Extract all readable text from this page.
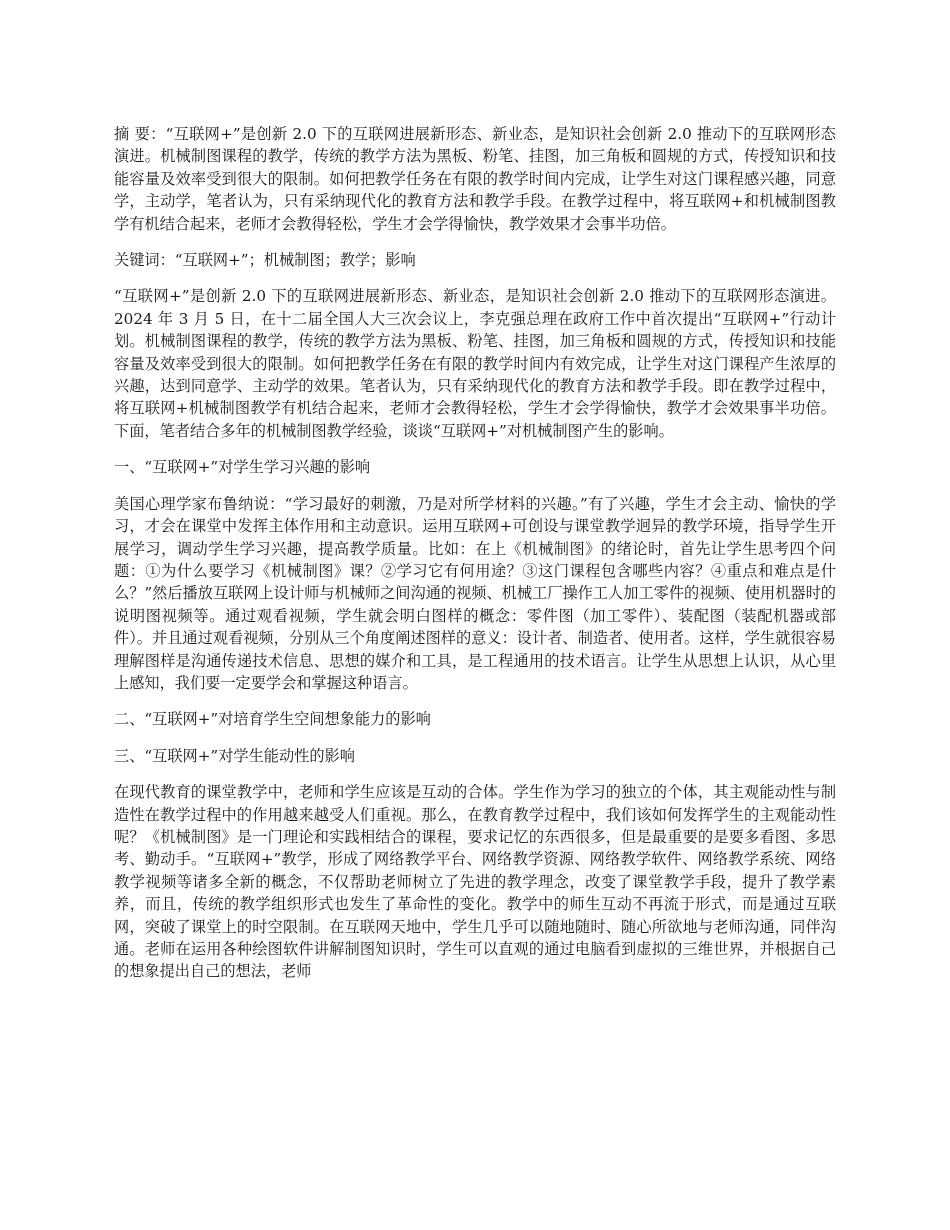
摘 要：“互联网+”是创新 2.0 下的互联网进展新形态、新业态，是知识社会创新 2.0 推动下的互联网形态演进。机械制图课程的教学，传统的教学方法为黑板、粉笔、挂图，加三角板和圆规的方式，传授知识和技能容量及效率受到很大的限制。如何把教学任务在有限的教学时间内完成，让学生对这门课程感兴趣，同意学，主动学，笔者认为，只有采纳现代化的教育方法和教学手段。在教学过程中，将互联网+和机械制图教学有机结合起来，老师才会教得轻松，学生才会学得愉快，教学效果才会事半功倍。

关键词：“互联网+”；机械制图；教学；影响

“互联网+”是创新 2.0 下的互联网进展新形态、新业态，是知识社会创新 2.0 推动下的互联网形态演进。2024 年 3 月 5 日，在十二届全国人大三次会议上，李克强总理在政府工作中首次提出“互联网+”行动计划。机械制图课程的教学，传统的教学方法为黑板、粉笔、挂图，加三角板和圆规的方式，传授知识和技能容量及效率受到很大的限制。如何把教学任务在有限的教学时间内有效完成，让学生对这门课程产生浓厚的兴趣，达到同意学、主动学的效果。笔者认为，只有采纳现代化的教育方法和教学手段。即在教学过程中，将互联网+机械制图教学有机结合起来，老师才会教得轻松，学生才会学得愉快，教学才会效果事半功倍。下面，笔者结合多年的机械制图教学经验，谈谈“互联网+”对机械制图产生的影响。

一、“互联网+”对学生学习兴趣的影响

美国心理学家布鲁纳说：“学习最好的刺激，乃是对所学材料的兴趣。”有了兴趣，学生才会主动、愉快的学习，才会在课堂中发挥主体作用和主动意识。运用互联网+可创设与课堂教学迥异的教学环境，指导学生开展学习，调动学生学习兴趣，提高教学质量。比如：在上《机械制图》的绪论时，首先让学生思考四个问题：①为什么要学习《机械制图》课？②学习它有何用途？③这门课程包含哪些内容？④重点和难点是什么？”然后播放互联网上设计师与机械师之间沟通的视频、机械工厂操作工人加工零件的视频、使用机器时的说明图视频等。通过观看视频，学生就会明白图样的概念：零件图（加工零件）、装配图（装配机器或部件）。并且通过观看视频，分别从三个角度阐述图样的意义：设计者、制造者、使用者。这样，学生就很容易理解图样是沟通传递技术信息、思想的媒介和工具，是工程通用的技术语言。让学生从思想上认识，从心里上感知，我们要一定要学会和掌握这种语言。

二、“互联网+”对培育学生空间想象能力的影响

三、“互联网+”对学生能动性的影响

在现代教育的课堂教学中，老师和学生应该是互动的合体。学生作为学习的独立的个体，其主观能动性与制造性在教学过程中的作用越来越受人们重视。那么，在教育教学过程中，我们该如何发挥学生的主观能动性呢？《机械制图》是一门理论和实践相结合的课程，要求记忆的东西很多，但是最重要的是要多看图、多思考、勤动手。“互联网+”教学，形成了网络教学平台、网络教学资源、网络教学软件、网络教学系统、网络教学视频等诸多全新的概念，不仅帮助老师树立了先进的教学理念，改变了课堂教学手段，提升了教学素养，而且，传统的教学组织形式也发生了革命性的变化。教学中的师生互动不再流于形式，而是通过互联网，突破了课堂上的时空限制。在互联网天地中，学生几乎可以随地随时、随心所欲地与老师沟通，同伴沟通。老师在运用各种绘图软件讲解制图知识时，学生可以直观的通过电脑看到虚拟的三维世界，并根据自己的想象提出自己的想法，老师
